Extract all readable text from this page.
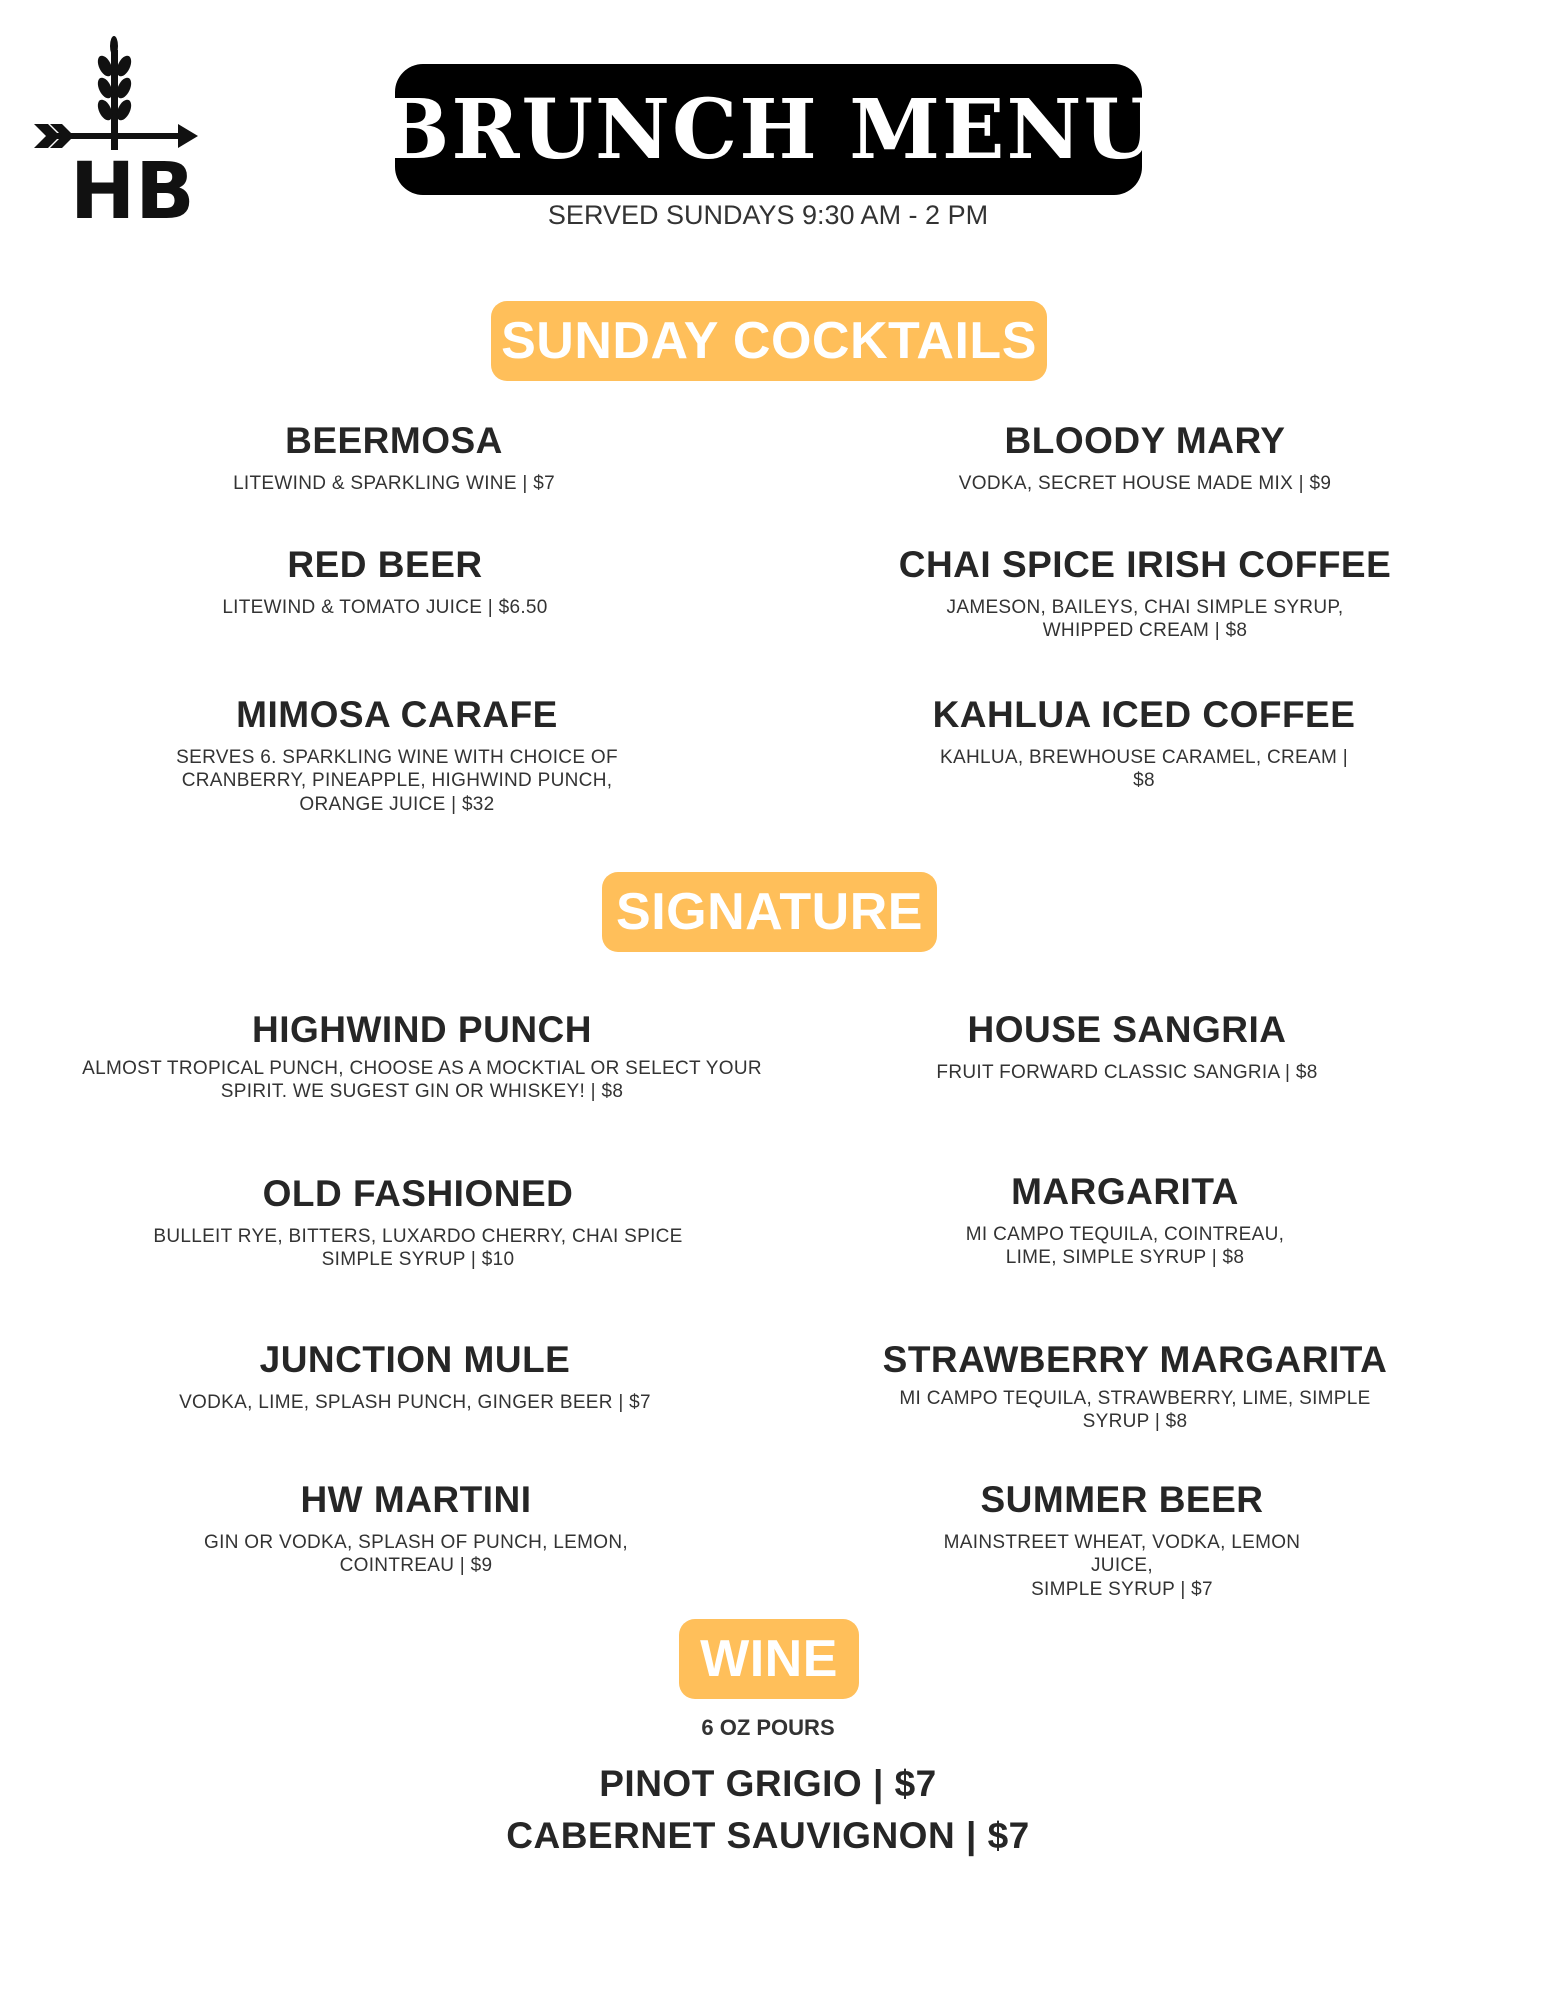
HB
BRUNCH MENU
SERVED SUNDAYS 9:30 AM - 2 PM
SUNDAY COCKTAILS
BEERMOSA
LITEWIND & SPARKLING WINE | $7
BLOODY MARY
VODKA, SECRET HOUSE MADE MIX | $9
RED BEER
LITEWIND & TOMATO JUICE | $6.50
CHAI SPICE IRISH COFFEE
JAMESON, BAILEYS, CHAI SIMPLE SYRUP,
WHIPPED CREAM | $8
MIMOSA CARAFE
SERVES 6. SPARKLING WINE WITH CHOICE OF
CRANBERRY, PINEAPPLE, HIGHWIND PUNCH,
ORANGE JUICE | $32
KAHLUA ICED COFFEE
KAHLUA, BREWHOUSE CARAMEL, CREAM | $8
SIGNATURE
HIGHWIND PUNCH
ALMOST TROPICAL PUNCH, CHOOSE AS A MOCKTIAL OR SELECT YOUR
SPIRIT. WE SUGEST GIN OR WHISKEY! | $8
HOUSE SANGRIA
FRUIT FORWARD CLASSIC SANGRIA | $8
OLD FASHIONED
BULLEIT RYE, BITTERS, LUXARDO CHERRY, CHAI SPICE
SIMPLE SYRUP | $10
MARGARITA
MI CAMPO TEQUILA, COINTREAU,
LIME, SIMPLE SYRUP | $8
JUNCTION MULE
VODKA, LIME, SPLASH PUNCH, GINGER BEER | $7
STRAWBERRY MARGARITA
MI CAMPO TEQUILA, STRAWBERRY, LIME, SIMPLE SYRUP | $8
HW MARTINI
GIN OR VODKA, SPLASH OF PUNCH, LEMON,
COINTREAU | $9
SUMMER BEER
MAINSTREET WHEAT, VODKA, LEMON JUICE,
SIMPLE SYRUP | $7
WINE
6 OZ POURS
PINOT GRIGIO | $7
CABERNET SAUVIGNON | $7
